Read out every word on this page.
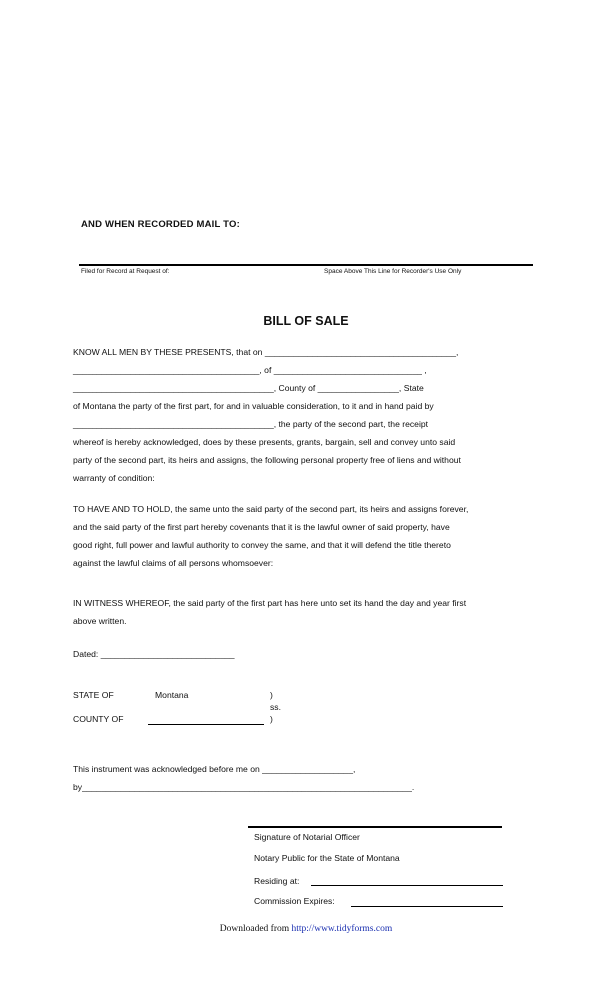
AND WHEN RECORDED MAIL TO:
Filed for Record at Request of:	Space Above This Line for Recorder's Use Only
BILL OF SALE
KNOW ALL MEN BY THESE PRESENTS, that on ________________________________________,
_______________________________________, of _______________________________ ,
__________________________________________, County of _________________, State
of Montana the party of the first part, for and in valuable consideration, to it and in hand paid by
__________________________________________, the party of the second part, the receipt
whereof is hereby acknowledged, does by these presents, grants, bargain, sell and convey unto said
party of the second part, its heirs and assigns, the following personal property free of liens and without
warranty of condition:
TO HAVE AND TO HOLD, the same unto the said party of the second part, its heirs and assigns forever,
and the said party of the first part hereby covenants that it is the lawful owner of said property, have
good right, full power and lawful authority to convey the same, and that it will defend the title thereto
against the lawful claims of all persons whomsoever:
IN WITNESS WHEREOF, the said party of the first part has here unto set its hand the day and year first
above written.
Dated: ____________________________
STATE OF	Montana	)
ss.
COUNTY OF	)
This instrument was acknowledged before me on ___________________,
by_____________________________________________________________________.
Signature of Notarial Officer
Notary Public for the State of Montana
Residing at:
Commission Expires:
Downloaded from http://www.tidyforms.com
